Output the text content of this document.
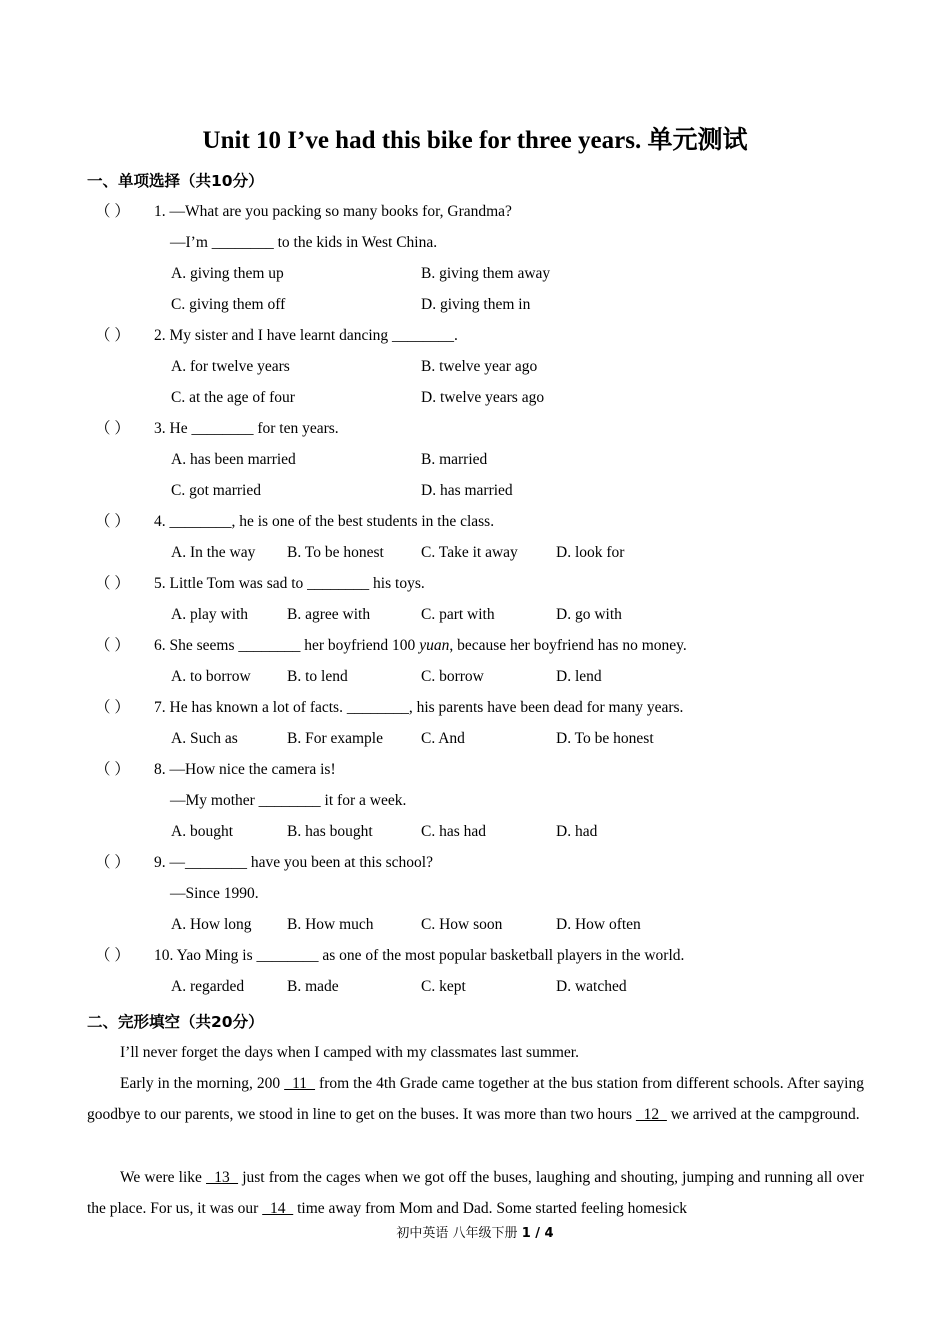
Unit 10 I’ve had this bike for three years. 单元测试
一、单项选择（共10分）
（ ） 1. —What are you packing so many books for, Grandma?
—I’m ________ to the kids in West China.
A. giving them up	B. giving them away
C. giving them off	D. giving them in
（ ） 2. My sister and I have learnt dancing ________.
A. for twelve years	B. twelve year ago
C. at the age of four	D. twelve years ago
（ ） 3. He ________ for ten years.
A. has been married	B. married
C. got married	D. has married
（ ） 4. ________, he is one of the best students in the class.
A. In the way B. To be honest C. Take it away D. look for
（ ） 5. Little Tom was sad to ________ his toys.
A. play with	B. agree with	C. part with	D. go with
（ ） 6. She seems ________ her boyfriend 100 yuan, because her boyfriend has no money.
A. to borrow B. to lend	C. borrow	D. lend
（ ） 7. He has known a lot of facts. ________, his parents have been dead for many years.
A. Such as	B. For example C. And	D. To be honest
（ ） 8. —How nice the camera is!
—My mother ________ it for a week.
A. bought	B. has bought	C. has had	D. had
（ ） 9. —________ have you been at this school?
—Since 1990.
A. How long B. How much	C. How soon	D. How often
（ ） 10. Yao Ming is ________ as one of the most popular basketball players in the world.
A. regarded	B. made	C. kept	D. watched
二、完形填空（共20分）
I’ll never forget the days when I camped with my classmates last summer.
Early in the morning, 200   11   from the 4th Grade came together at the bus station from different schools. After saying goodbye to our parents, we stood in line to get on the buses. It was more than two hours   12   we arrived at the campground.
We were like   13   just from the cages when we got off the buses, laughing and shouting, jumping and running all over the place. For us, it was our   14   time away from Mom and Dad. Some started feeling homesick
初中英语 八年级下册 1 / 4
